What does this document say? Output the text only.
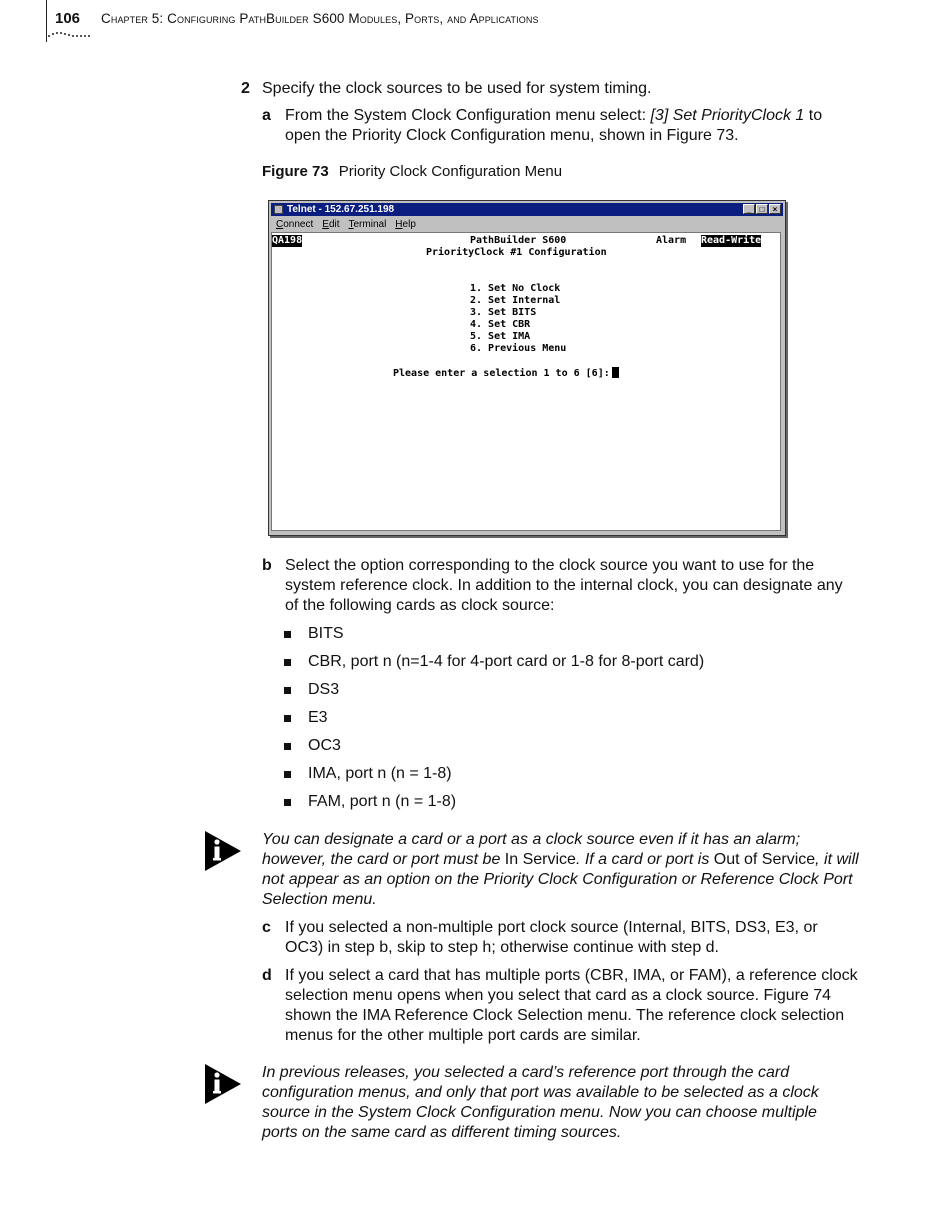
106 Chapter 5: Configuring PathBuilder S600 Modules, Ports, and Applications
2 Specify the clock sources to be used for system timing.
a From the System Clock Configuration menu select: [3] Set PriorityClock 1 to open the Priority Clock Configuration menu, shown in Figure 73.
Figure 73 Priority Clock Configuration Menu
Telnet - 152.67.251.198	_	□	×
Connect Edit Terminal Help
QA198	PathBuilder S600	Alarm Read-Write
PriorityClock #1 Configuration
1. Set No Clock
2. Set Internal
3. Set BITS
4. Set CBR
5. Set IMA
6. Previous Menu
Please enter a selection 1 to 6 [6]:
b Select the option corresponding to the clock source you want to use for the system reference clock. In addition to the internal clock, you can designate any of the following cards as clock source:
BITS
CBR, port n (n=1-4 for 4-port card or 1-8 for 8-port card)
DS3
E3
OC3
IMA, port n (n = 1-8)
FAM, port n (n = 1-8)
You can designate a card or a port as a clock source even if it has an alarm; however, the card or port must be In Service. If a card or port is Out of Service, it will not appear as an option on the Priority Clock Configuration or Reference Clock Port Selection menu.
c If you selected a non-multiple port clock source (Internal, BITS, DS3, E3, or OC3) in step b, skip to step h; otherwise continue with step d.
d If you select a card that has multiple ports (CBR, IMA, or FAM), a reference clock selection menu opens when you select that card as a clock source. Figure 74 shown the IMA Reference Clock Selection menu. The reference clock selection menus for the other multiple port cards are similar.
In previous releases, you selected a card’s reference port through the card configuration menus, and only that port was available to be selected as a clock source in the System Clock Configuration menu. Now you can choose multiple ports on the same card as different timing sources.
